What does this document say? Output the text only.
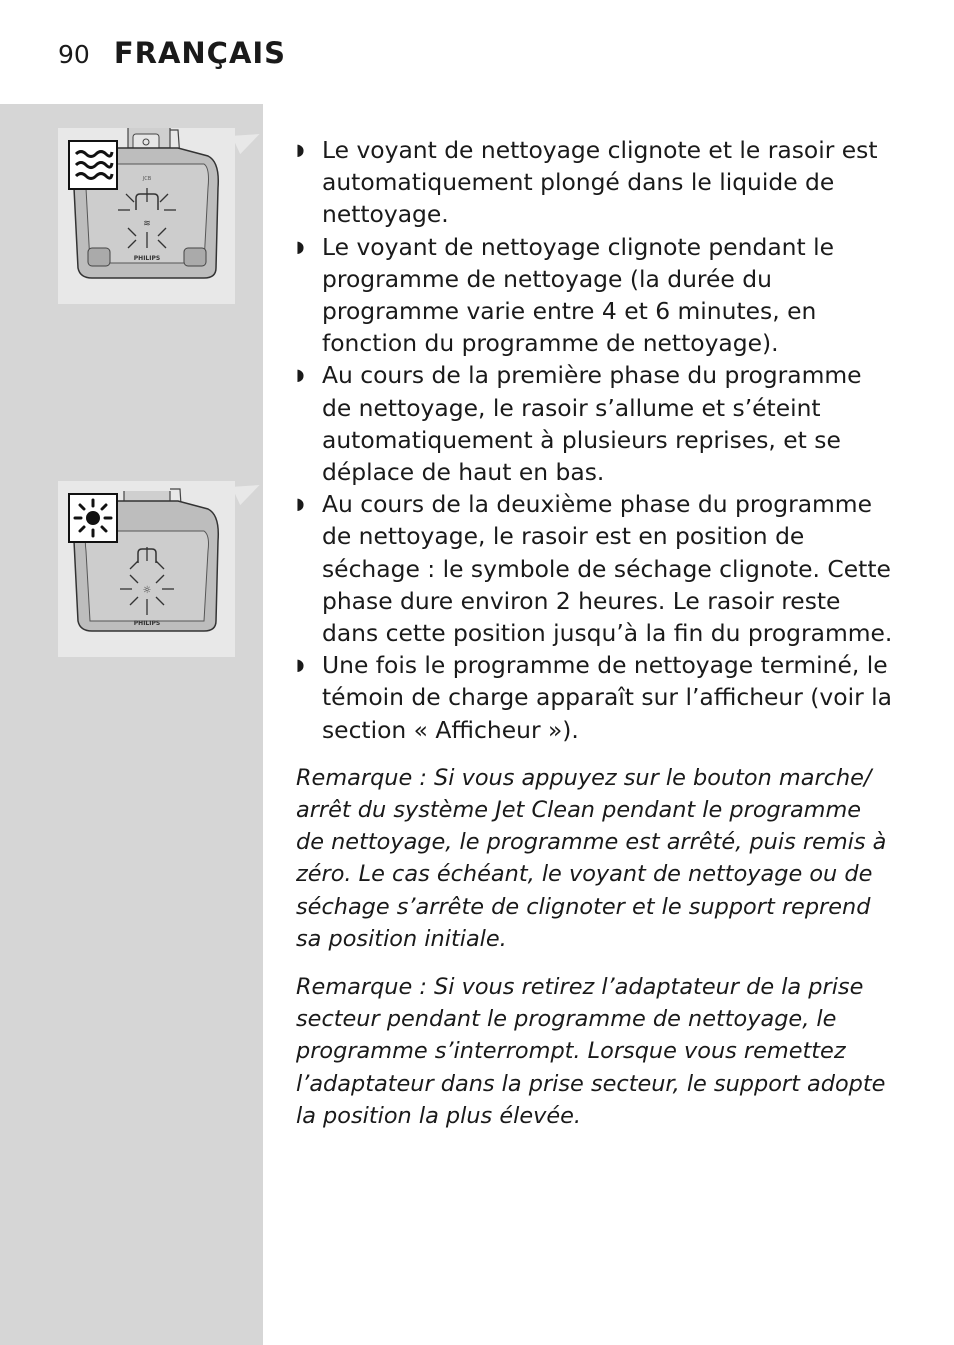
90 FRANÇAIS
≋
PHILIPS
JCB
☼
PHILIPS
◗ Le voyant de nettoyage clignote et le rasoir est automatiquement plongé dans le liquide de nettoyage.
◗ Le voyant de nettoyage clignote pendant le programme de nettoyage (la durée du programme varie entre 4 et 6 minutes, en fonction du programme de nettoyage).
◗ Au cours de la première phase du programme de nettoyage, le rasoir s’allume et s’éteint automatiquement à plusieurs reprises, et se déplace de haut en bas.
◗ Au cours de la deuxième phase du programme de nettoyage, le rasoir est en position de séchage : le symbole de séchage clignote. Cette phase dure environ 2 heures. Le rasoir reste dans cette position jusqu’à la fin du programme.
◗ Une fois le programme de nettoyage terminé, le témoin de charge apparaît sur l’afficheur (voir la section « Afficheur »).

Remarque : Si vous appuyez sur le bouton marche/ arrêt du système Jet Clean pendant le programme de nettoyage, le programme est arrêté, puis remis à zéro. Le cas échéant, le voyant de nettoyage ou de séchage s’arrête de clignoter et le support reprend sa position initiale.

Remarque : Si vous retirez l’adaptateur de la prise secteur pendant le programme de nettoyage, le programme s’interrompt. Lorsque vous remettez l’adaptateur dans la prise secteur, le support adopte la position la plus élevée.
